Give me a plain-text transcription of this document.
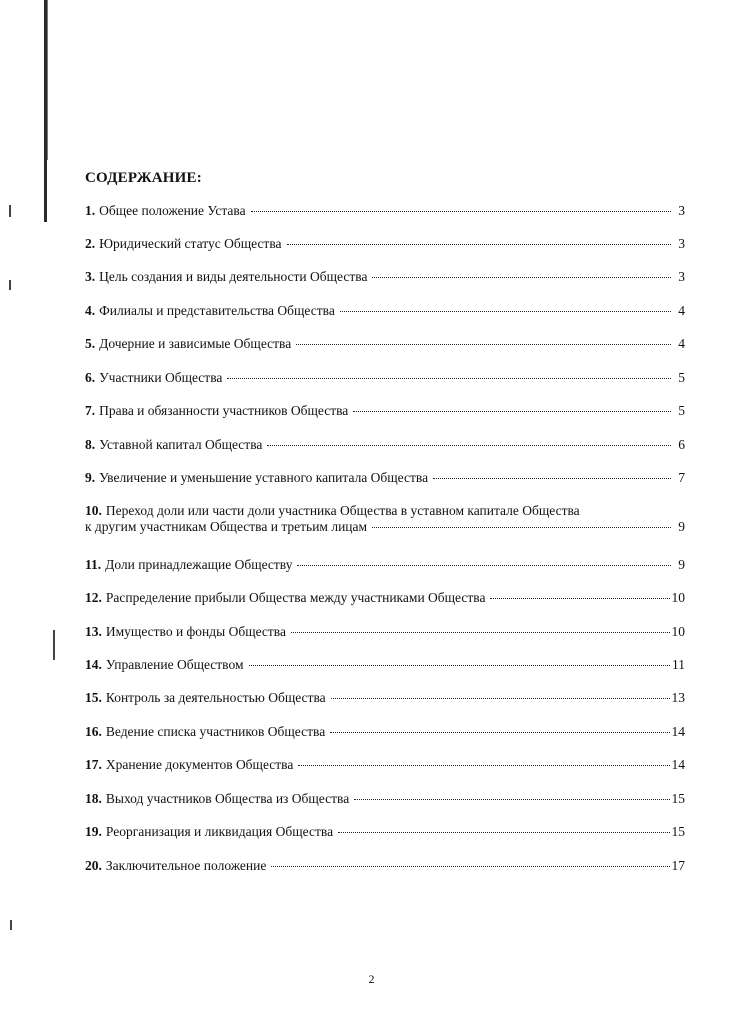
СОДЕРЖАНИЕ:
1. Общее положение Устава	3
2. Юридический статус Общества	3
3. Цель создания и виды деятельности Общества	3
4. Филиалы и представительства Общества	4
5. Дочерние и зависимые Общества	4
6. Участники Общества	5
7. Права и обязанности участников Общества	5
8. Уставной капитал Общества	6
9. Увеличение и уменьшение уставного капитала Общества	7
10. Переход доли или части доли участника Общества в уставном капитале Общества
к другим участникам Общества и третьим лицам	9
11. Доли принадлежащие Обществу	9
12. Распределение прибыли Общества между участниками Общества	10
13. Имущество и фонды Общества	10
14. Управление Обществом	11
15. Контроль за деятельностью Общества	13
16. Ведение списка участников Общества	14
17. Хранение документов Общества	14
18. Выход участников Общества из Общества	15
19. Реорганизация и ликвидация Общества	15
20. Заключительное положение	17
2
